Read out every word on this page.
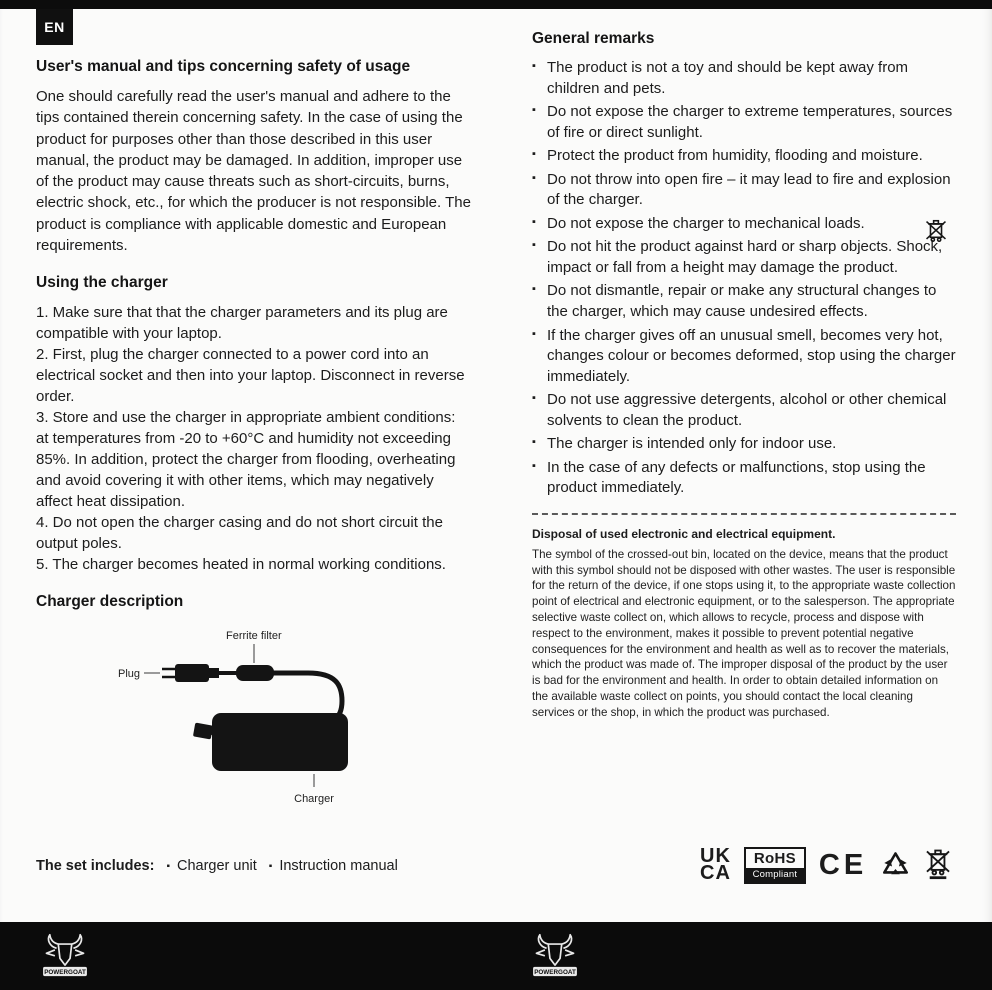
EN
User's manual and tips concerning safety of usage

One should carefully read the user's manual and adhere to the tips contained therein concerning safety. In the case of using the product for purposes other than those described in this user manual, the product may be damaged. In addition, improper use of the product may cause threats such as short-circuits, burns, electric shock, etc., for which the producer is not responsible. The product is compliance with applicable domestic and European requirements.

Using the charger

1. Make sure that that the charger parameters and its plug are compatible with your laptop.

2. First, plug the charger connected to a power cord into an electrical socket and then into your laptop. Disconnect in reverse order.

3. Store and use the charger in appropriate ambient conditions: at temperatures from -20 to +60°C and humidity not exceeding 85%. In addition, protect the charger from flooding, overheating and avoid covering it with other items, which may negatively affect heat dissipation.

4. Do not open the charger casing and do not short circuit the output poles.

5. The charger becomes heated in normal working conditions.

Charger description
Ferrite filter
Plug
Charger
The set includes: ▪ Charger unit ▪ Instruction manual
General remarks
▪ The product is not a toy and should be kept away from children and pets.
▪ Do not expose the charger to extreme temperatures, sources of fire or direct sunlight.
▪ Protect the product from humidity, flooding and moisture.
▪ Do not throw into open fire – it may lead to fire and explosion of the charger.
▪ Do not expose the charger to mechanical loads.
▪ Do not hit the product against hard or sharp objects. Shock, impact or fall from a height may damage the product.
▪ Do not dismantle, repair or make any structural changes to the charger, which may cause undesired effects.
▪ If the charger gives off an unusual smell, becomes very hot, changes colour or becomes deformed, stop using the charger immediately.
▪ Do not use aggressive detergents, alcohol or other chemical solvents to clean the product.
▪ The charger is intended only for indoor use.
▪ In the case of any defects or malfunctions, stop using the product immediately.

Disposal of used electronic and electrical equipment.

The symbol of the crossed-out bin, located on the device, means that the product with this symbol should not be disposed with other wastes. The user is responsible for the return of the device, if one stops using it, to the appropriate waste collection point of electrical and electronic equipment, or to the salesperson. The appropriate selective waste collect on, which allows to recycle, process and dispose with respect to the environment, makes it possible to prevent potential negative consequences for the environment and health as well as to recover the materials, which the product was made of. The improper disposal of the product by the user is bad for the environment and health. In order to obtain detailed information on the available waste collect on points, you should contact the local cleaning services or the shop, in which the product was purchased.

UK
CA
RoHS
Compliant CE
POWERGOAT	POWERGOAT
